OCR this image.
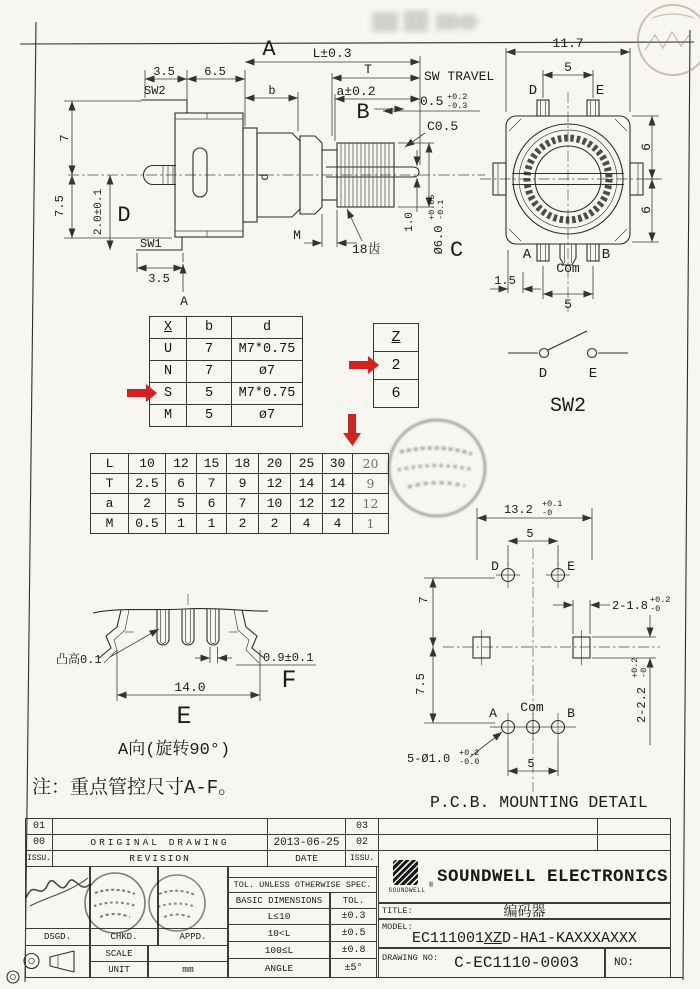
3.5 6.5
SW2	b
A	L±0.3
T
a±0.2
B
SW TRAVEL
0.5 +0.2
-0.3
C0.5
7
7.5 2.0±0.1 D
SW1
3.5
A
M
18齿
1.0
Ø6.0
+0.05 -0.1
C
d
11.7
5
D	E
6
6
A
Com
B
1.5
5
D	E
SW2
凸高0.1	0.9±0.1
F
14.0
E
A向(旋转90°)
注：重点管控尺寸A-F。
13.2 +0.1
-0
5
D	E
2-1.8 +0.2
-0
7
7.5
A Com B
5-Ø1.0 +0.2
-0.0	5
2-2.2
+0.2 -0
P.C.B. MOUNTING DETAIL
X	b	d
U	7	M7*0.75
N	7	ø7
S	5	M7*0.75
M	5	ø7
Z
2
6
L	10	12	15	18	20	25	30	20
T	2.5	6	7	9	12	14	14	9
a	2	5	6	7	10	12	12	12
M	0.5	1	1	2	2	4	4	1
01	03
00	ORIGINAL DRAWING	2013-06-25	02
ISSU.	REVISION	DATE	ISSU.
DSGD.	CHKD.	APPD.
SCALE
UNIT	mm
TOL. UNLESS OTHERWISE SPEC.
BASIC DIMENSIONS	TOL.
L≤10	±0.3
10<L	±0.5
100≤L	±0.8
ANGLE	±5°
SOUNDWELL
® SOUNDWELL ELECTRONICS
TITLE:	编码器
MODEL:
EC111001XZD-HA1-KAXXXAXXX
DRAWING NO: C-EC1110-0003	NO:
